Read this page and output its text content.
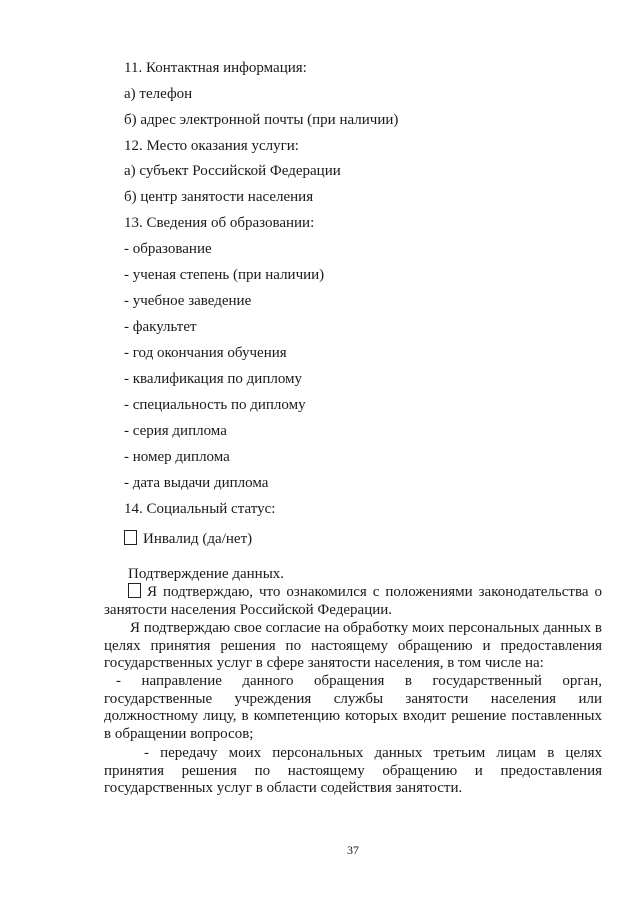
11. Контактная информация:
а) телефон
б) адрес электронной почты (при наличии)
12. Место оказания услуги:
а) субъект Российской Федерации
б) центр занятости населения
13. Сведения об образовании:
- образование
- ученая степень (при наличии)
- учебное заведение
- факультет
- год окончания обучения
- квалификация по диплому
- специальность по диплому
- серия диплома
- номер диплома
- дата выдачи диплома
14. Социальный статус:
Инвалид (да/нет)
Подтверждение данных.
Я подтверждаю, что ознакомился с положениями законодательства о занятости населения Российской Федерации.
Я подтверждаю свое согласие на обработку моих персональных данных в целях принятия решения по настоящему обращению и предоставления государственных услуг в сфере занятости населения, в том числе на:
- направление данного обращения в государственный орган, государственные учреждения службы занятости населения или должностному лицу, в компетенцию которых входит решение поставленных в обращении вопросов;
- передачу моих персональных данных третьим лицам в целях принятия решения по настоящему обращению и предоставления государственных услуг в области содействия занятости.
37
